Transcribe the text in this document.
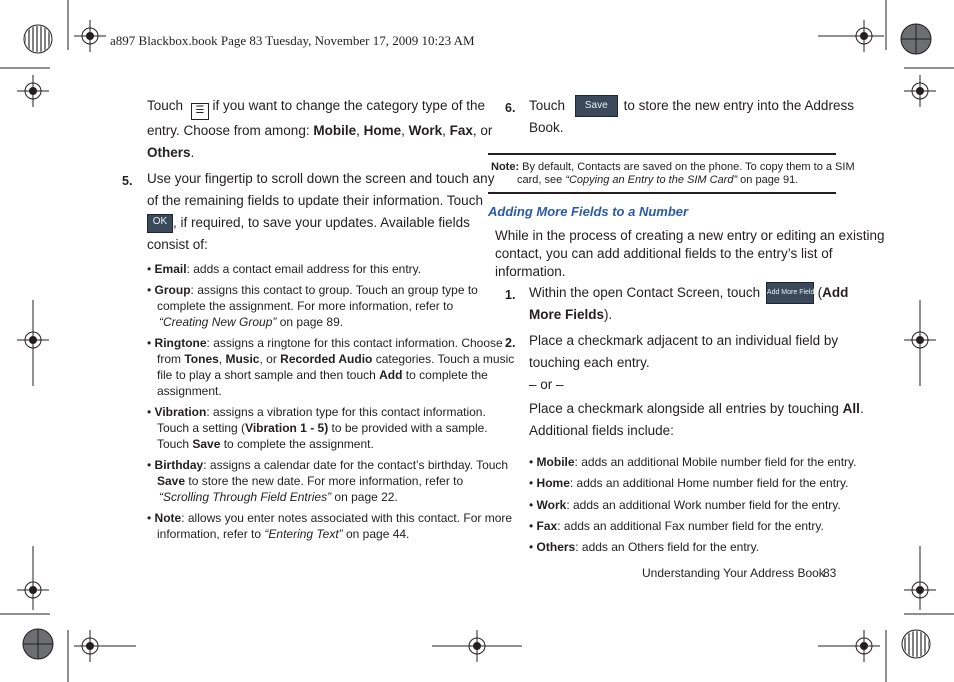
a897 Blackbox.book Page 83 Tuesday, November 17, 2009 10:23 AM
Touch ☰ if you want to change the category type of the
entry. Choose from among: Mobile, Home, Work, Fax, or
Others.
5. Use your fingertip to scroll down the screen and touch any
of the remaining fields to update their information. Touch
OK , if required, to save your updates. Available fields
consist of:
• Email: adds a contact email address for this entry.
• Group: assigns this contact to group. Touch an group type to
complete the assignment. For more information, refer to
“Creating New Group” on page 89.
• Ringtone: assigns a ringtone for this contact information. Choose
from Tones, Music, or Recorded Audio categories. Touch a music
file to play a short sample and then touch Add to complete the
assignment.
• Vibration: assigns a vibration type for this contact information.
Touch a setting (Vibration 1 - 5) to be provided with a sample.
Touch Save to complete the assignment.
• Birthday: assigns a calendar date for the contact’s birthday. Touch
Save to store the new date. For more information, refer to
“Scrolling Through Field Entries” on page 22.
• Note: allows you enter notes associated with this contact. For more
information, refer to “Entering Text” on page 44.
6. Touch Save to store the new entry into the Address
Book.
Note: By default, Contacts are saved on the phone. To copy them to a SIM
card, see “Copying an Entry to the SIM Card” on page 91.
Adding More Fields to a Number
While in the process of creating a new entry or editing an existing
contact, you can add additional fields to the entry’s list of
information.
1. Within the open Contact Screen, touch Add More Fields (Add
More Fields).
2. Place a checkmark adjacent to an individual field by
touching each entry.
– or –
Place a checkmark alongside all entries by touching All.
Additional fields include:
• Mobile: adds an additional Mobile number field for the entry.
• Home: adds an additional Home number field for the entry.
• Work: adds an additional Work number field for the entry.
• Fax: adds an additional Fax number field for the entry.
• Others: adds an Others field for the entry.
Understanding Your Address Book
83
